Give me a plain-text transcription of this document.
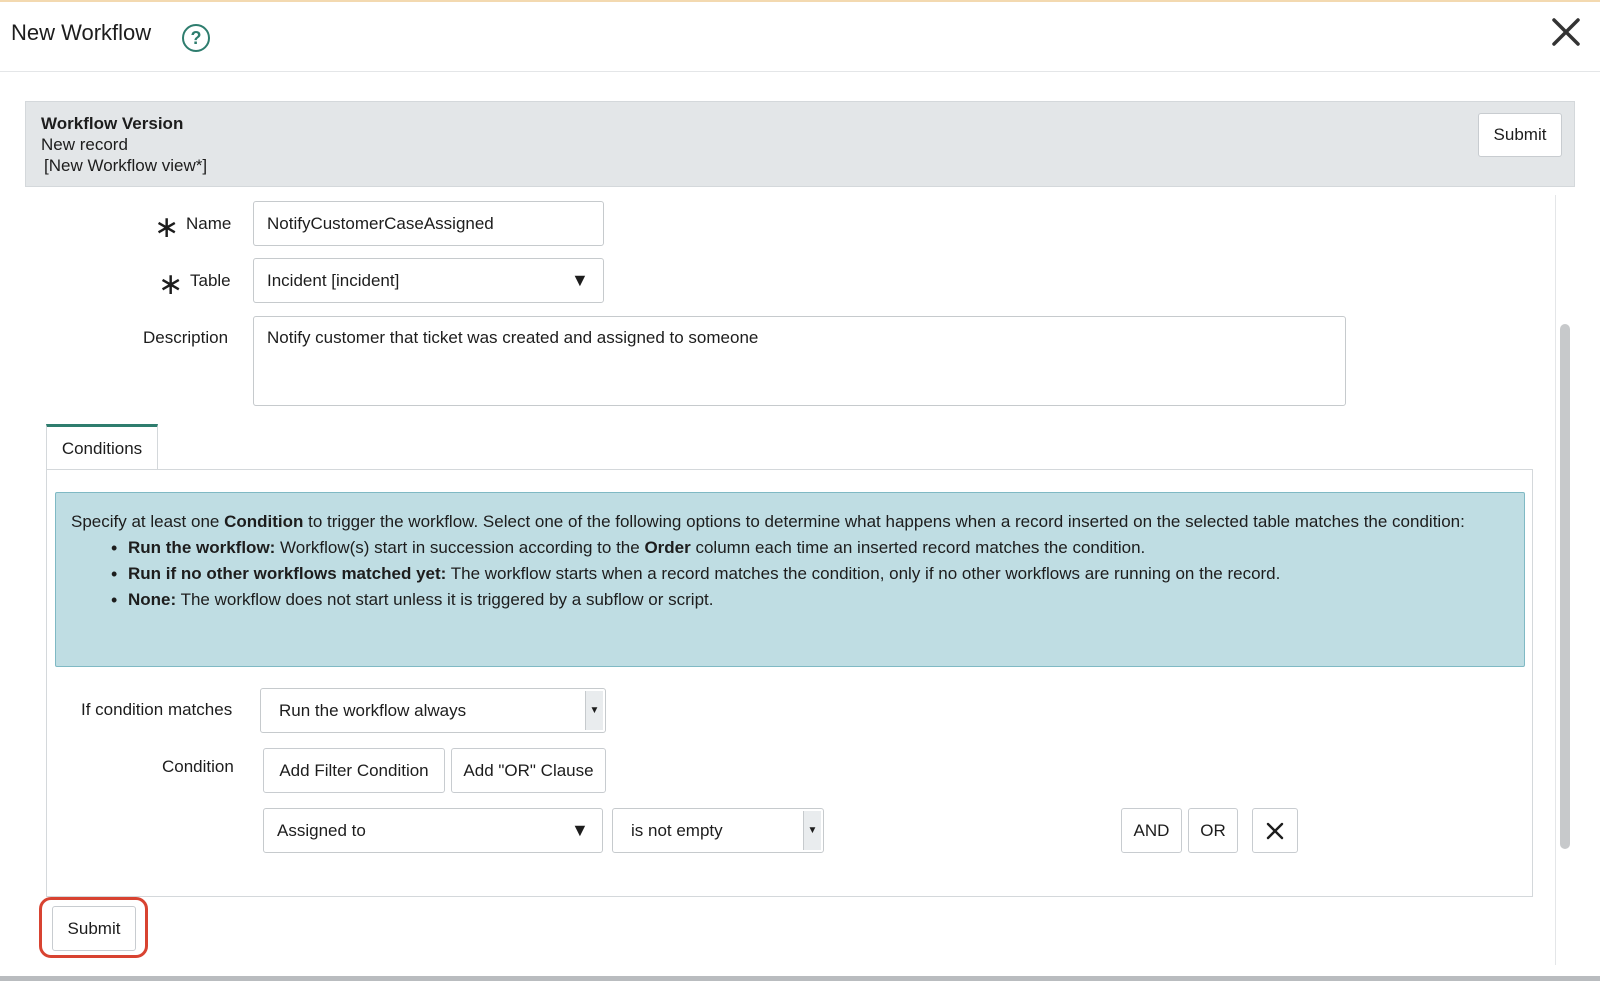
New Workflow	?
Workflow Version
New record
[New Workflow view*]
Submit
∗ Name	NotifyCustomerCaseAssigned
∗ Table Incident [incident]	▼
Description	Notify customer that ticket was created and assigned to someone
Conditions
Specify at least one Condition to trigger the workflow. Select one of the following options to determine what happens when a record inserted on the selected table matches the condition:
• Run the workflow: Workflow(s) start in succession according to the Order column each time an inserted record matches the condition.
• Run if no other workflows matched yet: The workflow starts when a record matches the condition, only if no other workflows are running on the record.
• None: The workflow does not start unless it is triggered by a subflow or script.
If condition matches	Run the workflow always	▼
Condition	Add Filter Condition	Add "OR" Clause
Assigned to	▼ is not empty	▼	AND	OR
Submit
